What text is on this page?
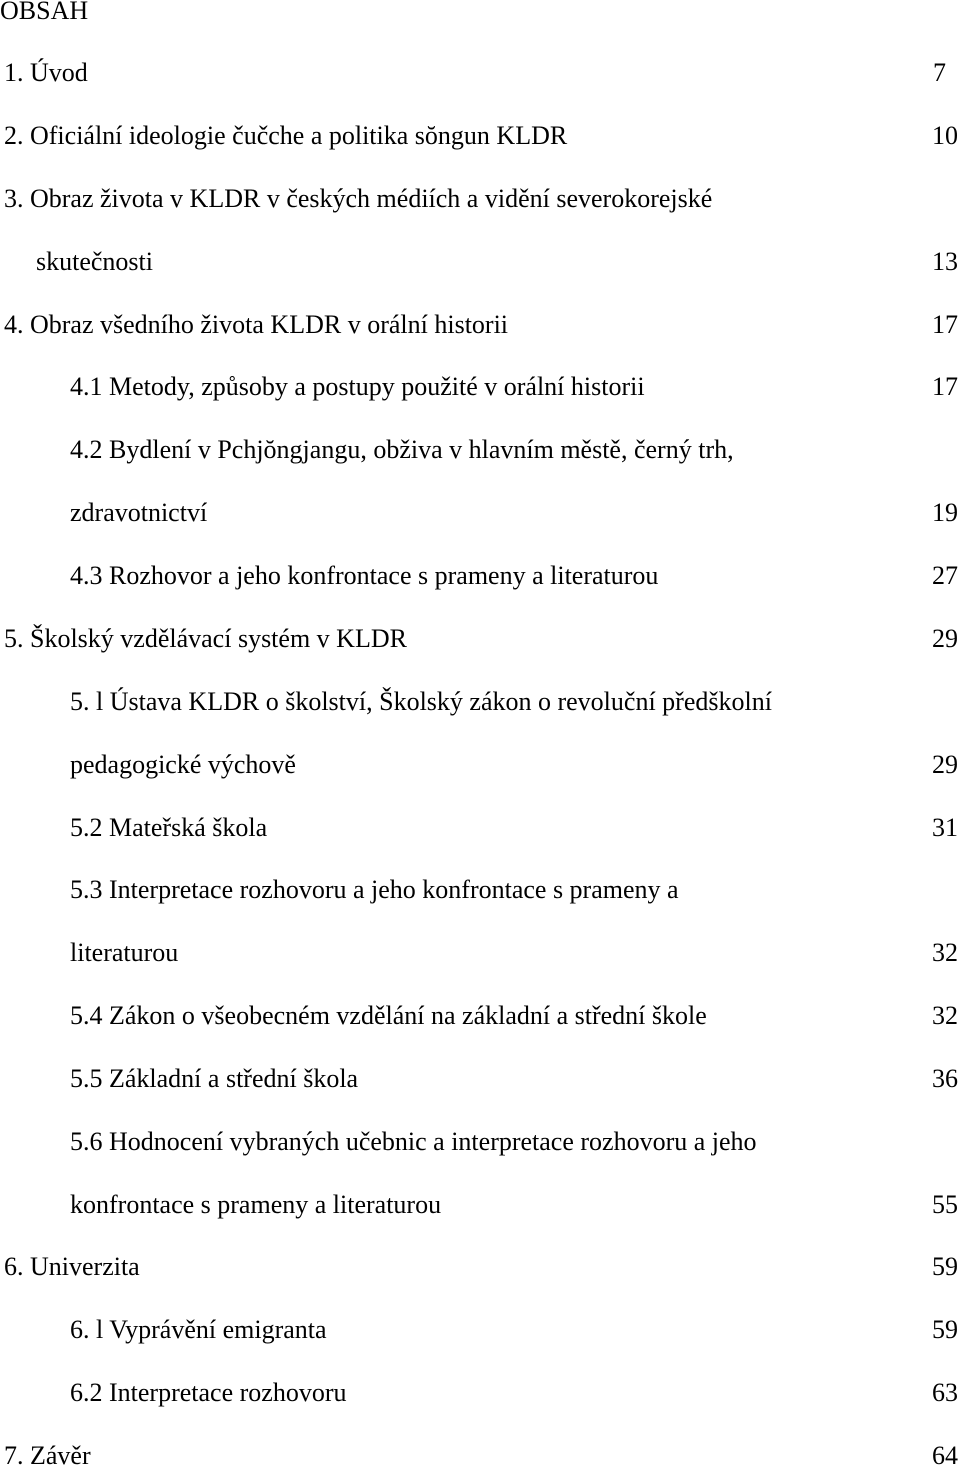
OBSAH
1. Úvod	7
2. Oficiální ideologie čučche a politika sŏngun KLDR	10
3. Obraz života v KLDR v českých médiích a vidění severokorejské
skutečnosti	13
4. Obraz všedního života KLDR v orální historii	17
4.1 Metody, způsoby a postupy použité v orální historii	17
4.2 Bydlení v Pchjŏngjangu, obživa v hlavním městě, černý trh,
zdravotnictví	19
4.3 Rozhovor a jeho konfrontace s prameny a literaturou	27
5. Školský vzdělávací systém v KLDR	29
5. l Ústava KLDR o školství, Školský zákon o revoluční předškolní
pedagogické výchově	29
5.2 Mateřská škola	31
5.3 Interpretace rozhovoru a jeho konfrontace s prameny a
literaturou	32
5.4 Zákon o všeobecném vzdělání na základní a střední škole	32
5.5 Základní a střední škola	36
5.6 Hodnocení vybraných učebnic a interpretace rozhovoru a jeho
konfrontace s prameny a literaturou	55
6. Univerzita	59
6. l Vyprávění emigranta	59
6.2 Interpretace rozhovoru	63
7. Závěr	64
